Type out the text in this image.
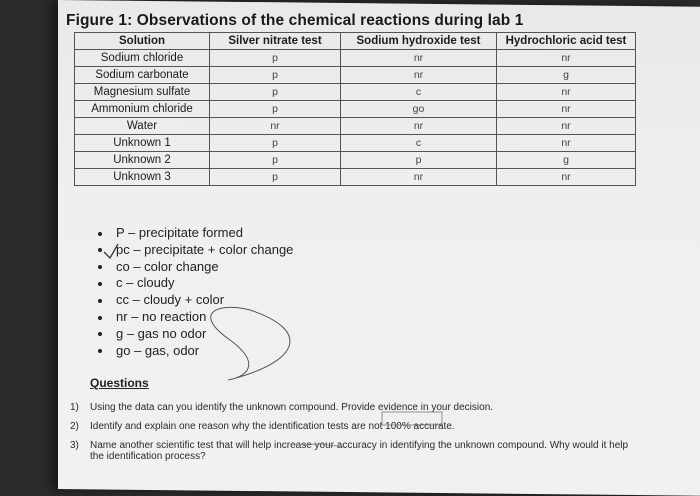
Figure 1: Observations of the chemical reactions during lab 1
Solution	Silver nitrate test	Sodium hydroxide test	Hydrochloric acid test
Sodium chloride	p	nr	nr
Sodium carbonate	p	nr	g
Magnesium sulfate	p	c	nr
Ammonium chloride	p	go	nr
Water	nr	nr	nr
Unknown 1	p	c	nr
Unknown 2	p	p	g
Unknown 3	p	nr	nr
P – precipitate formed
pc – precipitate + color change
co – color change
c – cloudy
cc – cloudy + color
nr – no reaction
g – gas no odor
go – gas, odor
Questions
1)	Using the data can you identify the unknown compound. Provide evidence in your decision.
2)	Identify and explain one reason why the identification tests are not 100% accurate.
3)	Name another scientific test that will help increase your accuracy in identifying the unknown compound. Why would it help the identification process?
